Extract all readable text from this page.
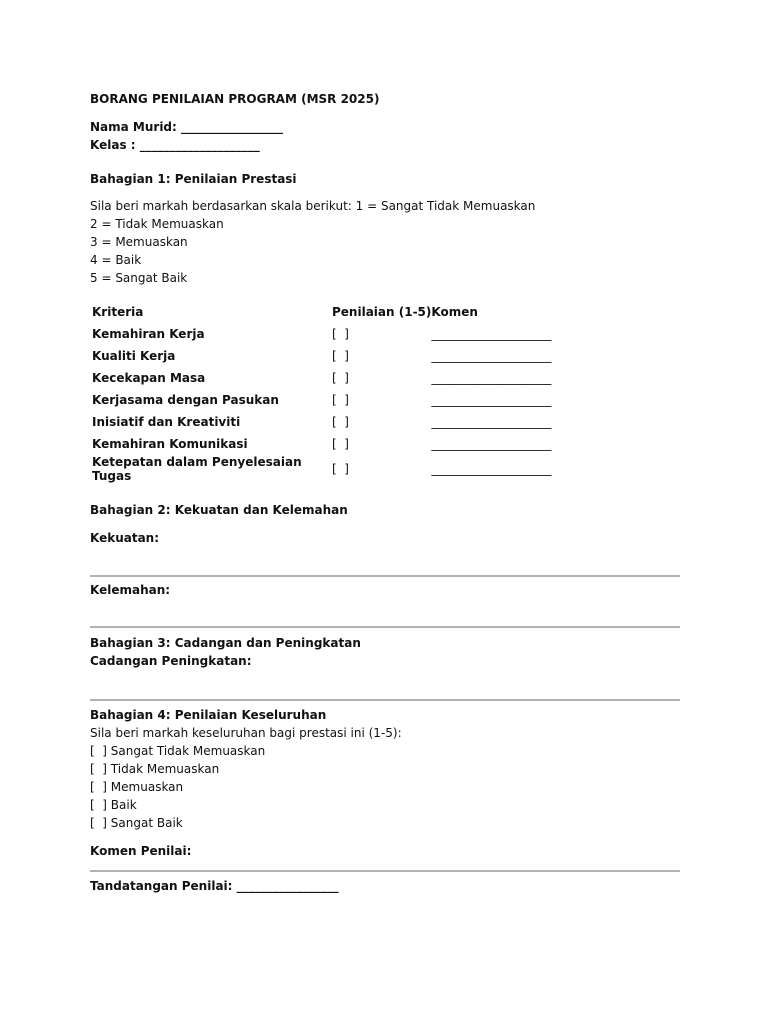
BORANG PENILAIAN PROGRAM (MSR 2025)
Nama Murid: _________________
Kelas : ____________________
Bahagian 1: Penilaian Prestasi
Sila beri markah berdasarkan skala berikut: 1 = Sangat Tidak Memuaskan
2 = Tidak Memuaskan
3 = Memuaskan
4 = Baik
5 = Sangat Baik
Kriteria	Penilaian (1-5)	Komen
Kemahiran Kerja	[  ]	____________________
Kualiti Kerja	[  ]	____________________
Kecekapan Masa	[  ]	____________________
Kerjasama dengan Pasukan	[  ]	____________________
Inisiatif dan Kreativiti	[  ]	____________________
Kemahiran Komunikasi	[  ]	____________________
Ketepatan dalam Penyelesaian Tugas	[  ]	____________________
Bahagian 2: Kekuatan dan Kelemahan
Kekuatan:
Kelemahan:
Bahagian 3: Cadangan dan Peningkatan
Cadangan Peningkatan:
Bahagian 4: Penilaian Keseluruhan
Sila beri markah keseluruhan bagi prestasi ini (1-5):
[  ] Sangat Tidak Memuaskan
[  ] Tidak Memuaskan
[  ] Memuaskan
[  ] Baik
[  ] Sangat Baik
Komen Penilai:
Tandatangan Penilai: _________________
